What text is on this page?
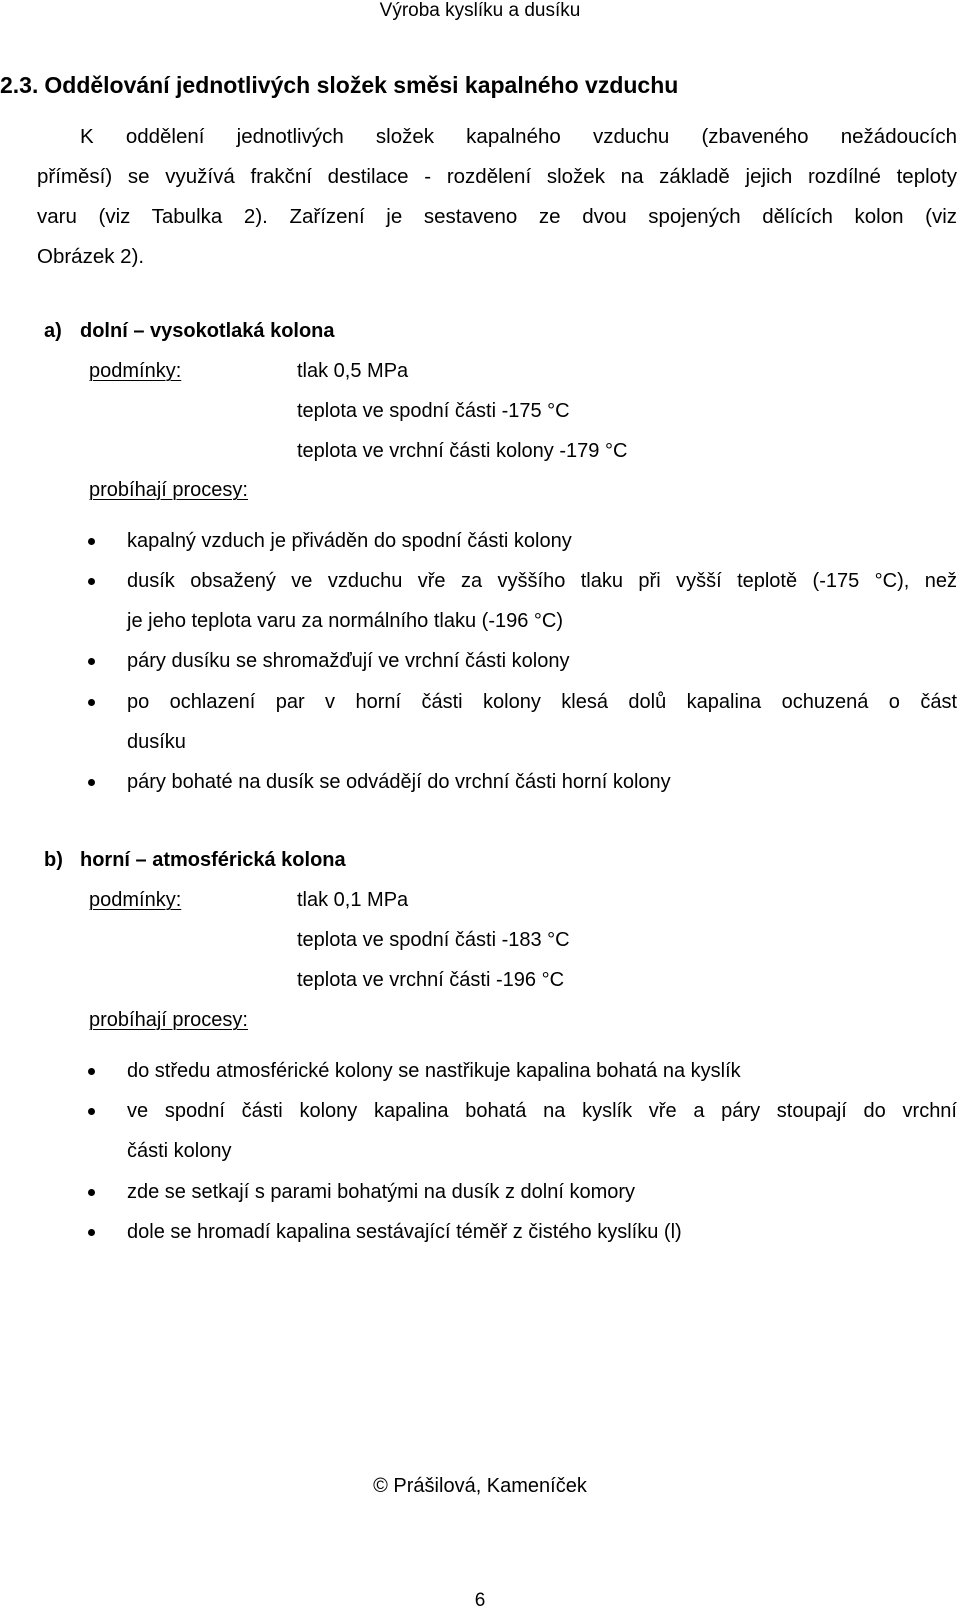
Výroba kyslíku a dusíku
2.3. Oddělování jednotlivých složek směsi kapalného vzduchu
K oddělení jednotlivých složek kapalného vzduchu (zbaveného nežádoucích
příměsí) se využívá frakční destilace - rozdělení složek na základě jejich rozdílné teploty
varu (viz Tabulka 2). Zařízení je sestaveno ze dvou spojených dělících kolon (viz
Obrázek 2).
a) dolní – vysokotlaká kolona
podmínky:	tlak 0,5 MPa
teplota ve spodní části -175 °C
teplota ve vrchní části kolony -179 °C
probíhají procesy:
kapalný vzduch je přiváděn do spodní části kolony
dusík obsažený ve vzduchu vře za vyššího tlaku při vyšší teplotě (-175 °C), než
je jeho teplota varu za normálního tlaku (-196 °C)
páry dusíku se shromažďují ve vrchní části kolony
po ochlazení par v horní části kolony klesá dolů kapalina ochuzená o část
dusíku
páry bohaté na dusík se odvádějí do vrchní části horní kolony
b) horní – atmosférická kolona
podmínky:	tlak 0,1 MPa
teplota ve spodní části -183 °C
teplota ve vrchní části -196 °C
probíhají procesy:
do středu atmosférické kolony se nastřikuje kapalina bohatá na kyslík
ve spodní části kolony kapalina bohatá na kyslík vře a páry stoupají do vrchní
části kolony
zde se setkají s parami bohatými na dusík z dolní komory
dole se hromadí kapalina sestávající téměř z čistého kyslíku (l)
© Prášilová, Kameníček
6
